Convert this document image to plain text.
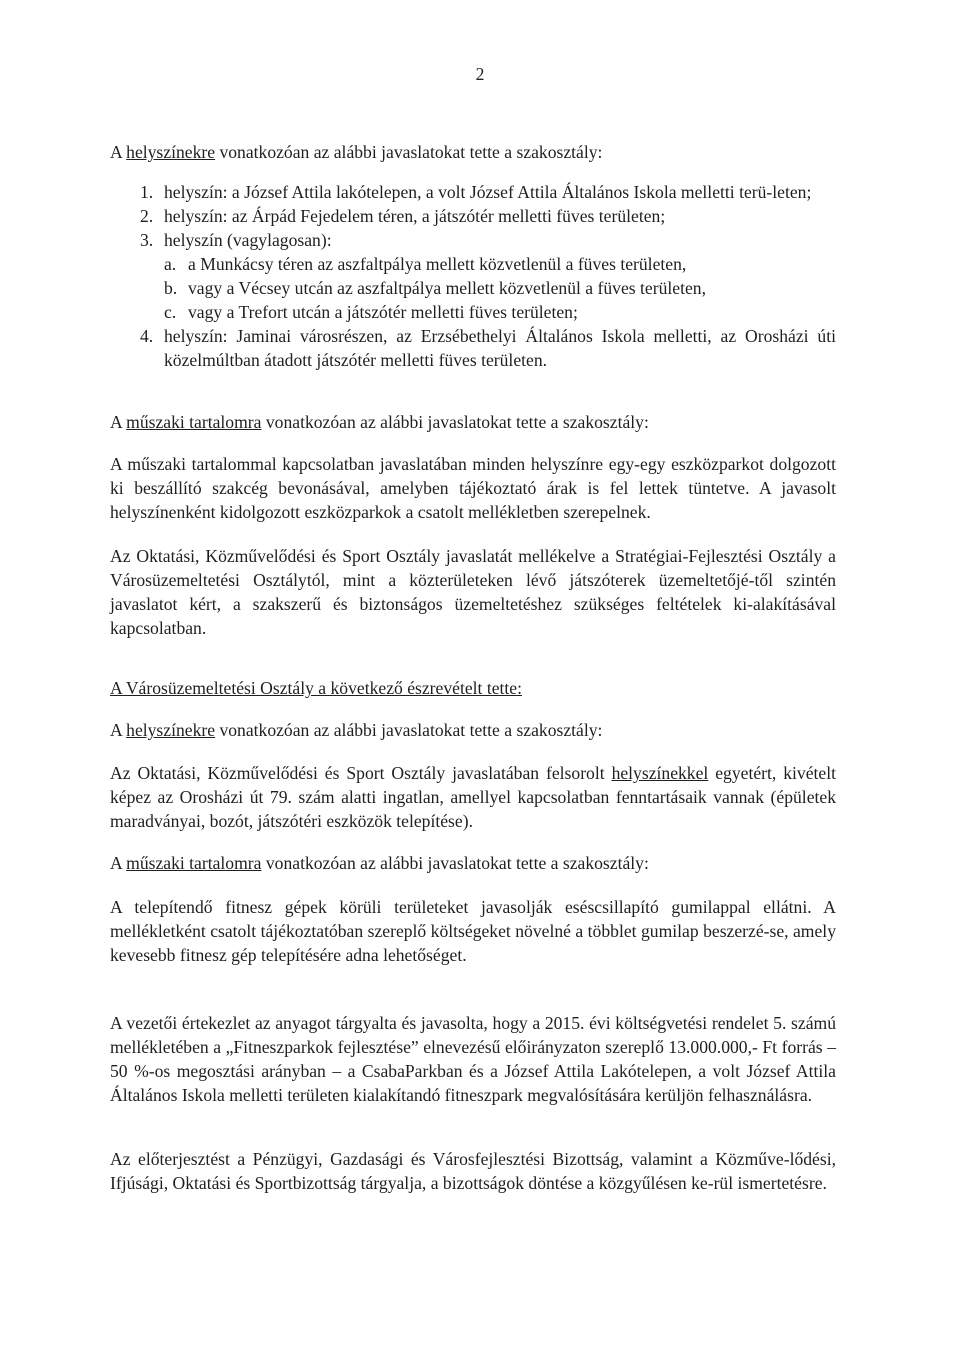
2

A helyszínekre vonatkozóan az alábbi javaslatokat tette a szakosztály:

1. helyszín: a József Attila lakótelepen, a volt József Attila Általános Iskola melletti terü-leten;
2. helyszín: az Árpád Fejedelem téren, a játszótér melletti füves területen;
3. helyszín (vagylagosan):
a. a Munkácsy téren az aszfaltpálya mellett közvetlenül a füves területen,
b. vagy a Vécsey utcán az aszfaltpálya mellett közvetlenül a füves területen,
c. vagy a Trefort utcán a játszótér melletti füves területen;
4. helyszín: Jaminai városrészen, az Erzsébethelyi Általános Iskola melletti, az Orosházi úti közelmúltban átadott játszótér melletti füves területen.

A műszaki tartalomra vonatkozóan az alábbi javaslatokat tette a szakosztály:

A műszaki tartalommal kapcsolatban javaslatában minden helyszínre egy-egy eszközparkot dolgozott ki beszállító szakcég bevonásával, amelyben tájékoztató árak is fel lettek tüntetve. A javasolt helyszínenként kidolgozott eszközparkok a csatolt mellékletben szerepelnek.

Az Oktatási, Közművelődési és Sport Osztály javaslatát mellékelve a Stratégiai-Fejlesztési Osztály a Városüzemeltetési Osztálytól, mint a közterületeken lévő játszóterek üzemeltetőjé-től szintén javaslatot kért, a szakszerű és biztonságos üzemeltetéshez szükséges feltételek ki-alakításával kapcsolatban.

A Városüzemeltetési Osztály a következő észrevételt tette:

A helyszínekre vonatkozóan az alábbi javaslatokat tette a szakosztály:

Az Oktatási, Közművelődési és Sport Osztály javaslatában felsorolt helyszínekkel egyetért, kivételt képez az Orosházi út 79. szám alatti ingatlan, amellyel kapcsolatban fenntartásaik vannak (épületek maradványai, bozót, játszótéri eszközök telepítése).

A műszaki tartalomra vonatkozóan az alábbi javaslatokat tette a szakosztály:

A telepítendő fitnesz gépek körüli területeket javasolják eséscsillapító gumilappal ellátni. A mellékletként csatolt tájékoztatóban szereplő költségeket növelné a többlet gumilap beszerzé-se, amely kevesebb fitnesz gép telepítésére adna lehetőséget.

A vezetői értekezlet az anyagot tárgyalta és javasolta, hogy a 2015. évi költségvetési rendelet 5. számú mellékletében a „Fitneszparkok fejlesztése” elnevezésű előirányzaton szereplő 13.000.000,- Ft forrás – 50 %-os megosztási arányban – a CsabaParkban és a József Attila Lakótelepen, a volt József Attila Általános Iskola melletti területen kialakítandó fitneszpark megvalósítására kerüljön felhasználásra.

Az előterjesztést a Pénzügyi, Gazdasági és Városfejlesztési Bizottság, valamint a Közműve-lődési, Ifjúsági, Oktatási és Sportbizottság tárgyalja, a bizottságok döntése a közgyűlésen ke-rül ismertetésre.
